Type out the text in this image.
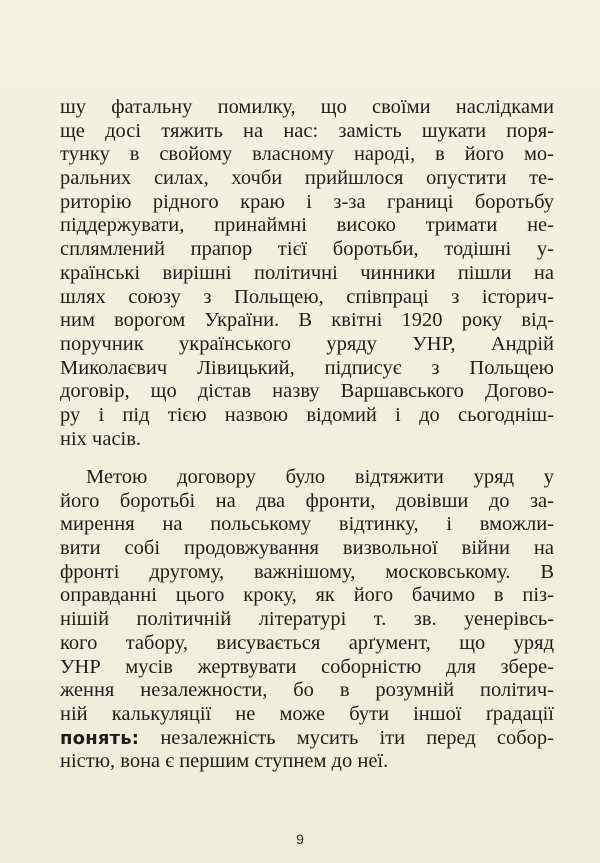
шу фатальну помилку, що своїми наслідками
ще досі тяжить на нас: замість шукати поря-
тунку в свойому власному народі, в його мо-
ральних силах, хочби прийшлося опустити те-
риторію рідного краю і з-за границі боротьбу
піддержувати, принаймні високо тримати не-
сплямлений прапор тієї боротьби, тодішні у-
країнські вирішні політичні чинники пішли на
шлях союзу з Польщею, співпраці з історич-
ним ворогом України. В квітні 1920 року від-
поручник українського уряду УНР, Андрій
Миколаєвич Лівицький, підписує з Польщею
договір, що дістав назву Варшавського Догово-
ру і під тією назвою відомий і до сьогоднiш-
ніх часів.
Метою договору було відтяжити уряд у
його боротьбі на два фронти, довівши до за-
мирення на польському відтинку, і вможли-
вити собі продовжування визвольної війни на
фронті другому, важнішому, московському. В
оправданні цього кроку, як його бачимо в піз-
нішій політичній літературі т. зв. уенерівсь-
кого табору, висувається арґумент, що уряд
УНР мусів жертвувати соборністю для збере-
ження незалежности, бо в розумній політич-
ній калькуляції не може бути іншої ґрадації
понять: незалежність мусить іти перед собор-
ністю, вона є першим ступнем до неї.
9
